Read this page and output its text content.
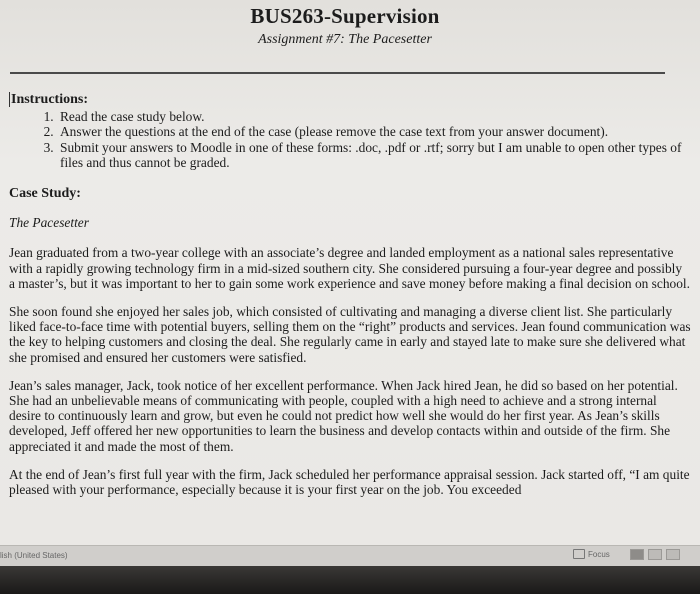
BUS263-Supervision
Assignment #7: The Pacesetter
Instructions:
1. Read the case study below.
2. Answer the questions at the end of the case (please remove the case text from your answer document).
3. Submit your answers to Moodle in one of these forms: .doc, .pdf or .rtf; sorry but I am unable to open other types of files and thus cannot be graded.
Case Study:
The Pacesetter

Jean graduated from a two-year college with an associate’s degree and landed employment as a national sales representative with a rapidly growing technology firm in a mid-sized southern city. She considered pursuing a four-year degree and possibly a master’s, but it was important to her to gain some work experience and save money before making a final decision on school.

She soon found she enjoyed her sales job, which consisted of cultivating and managing a diverse client list. She particularly liked face-to-face time with potential buyers, selling them on the “right” products and services. Jean found communication was the key to helping customers and closing the deal. She regularly came in early and stayed late to make sure she delivered what she promised and ensured her customers were satisfied.

Jean’s sales manager, Jack, took notice of her excellent performance. When Jack hired Jean, he did so based on her potential. She had an unbelievable means of communicating with people, coupled with a high need to achieve and a strong internal desire to continuously learn and grow, but even he could not predict how well she would do her first year. As Jean’s skills developed, Jeff offered her new opportunities to learn the business and develop contacts within and outside of the firm. She appreciated it and made the most of them.

At the end of Jean’s first full year with the firm, Jack scheduled her performance appraisal session. Jack started off, “I am quite pleased with your performance, especially because it is your first year on the job. You exceeded

lish (United States)	Focus
